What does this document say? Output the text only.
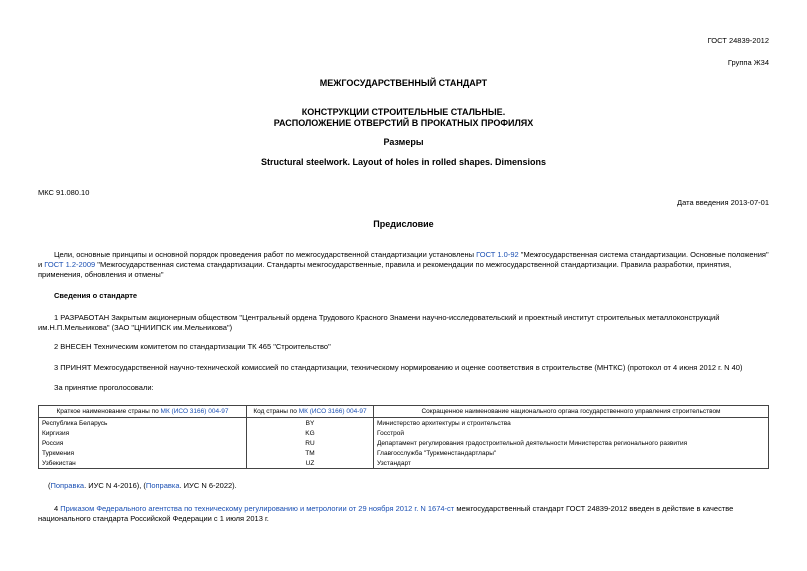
ГОСТ 24839-2012
Группа Ж34
МЕЖГОСУДАРСТВЕННЫЙ СТАНДАРТ
КОНСТРУКЦИИ СТРОИТЕЛЬНЫЕ СТАЛЬНЫЕ.
РАСПОЛОЖЕНИЕ ОТВЕРСТИЙ В ПРОКАТНЫХ ПРОФИЛЯХ
Размеры
Structural steelwork. Layout of holes in rolled shapes. Dimensions
МКС 91.080.10
Дата введения 2013-07-01
Предисловие
Цели, основные принципы и основной порядок проведения работ по межгосударственной стандартизации установлены ГОСТ 1.0-92 "Межгосударственная система стандартизации. Основные положения" и ГОСТ 1.2-2009 "Межгосударственная система стандартизации. Стандарты межгосударственные, правила и рекомендации по межгосударственной стандартизации. Правила разработки, принятия, применения, обновления и отмены"
Сведения о стандарте
1 РАЗРАБОТАН Закрытым акционерным обществом "Центральный ордена Трудового Красного Знамени научно-исследовательский и проектный институт строительных металлоконструкций им.Н.П.Мельникова" (ЗАО "ЦНИИПСК им.Мельникова")
2 ВНЕСЕН Техническим комитетом по стандартизации ТК 465 "Строительство"
3 ПРИНЯТ Межгосударственной научно-технической комиссией по стандартизации, техническому нормированию и оценке соответствия в строительстве (МНТКС) (протокол от 4 июня 2012 г. N 40)
За принятие проголосовали:
Краткое наименование страны по МК (ИСО 3166) 004-97	Код страны по МК (ИСО 3166) 004-97	Сокращенное наименование национального органа государственного управления строительством
Республика Беларусь	BY	Министерство архитектуры и строительства
Киргизия	KG	Госстрой
Россия	RU	Департамент регулирования градостроительной деятельности Министерства регионального развития
Туркмения	TM	Главгосслужба "Туркменстандартлары"
Узбекистан	UZ	Узстандарт
(Поправка. ИУС N 4-2016), (Поправка. ИУС N 6-2022).
4 Приказом Федерального агентства по техническому регулированию и метрологии от 29 ноября 2012 г. N 1674-ст межгосударственный стандарт ГОСТ 24839-2012 введен в действие в качестве национального стандарта Российской Федерации с 1 июля 2013 г.
